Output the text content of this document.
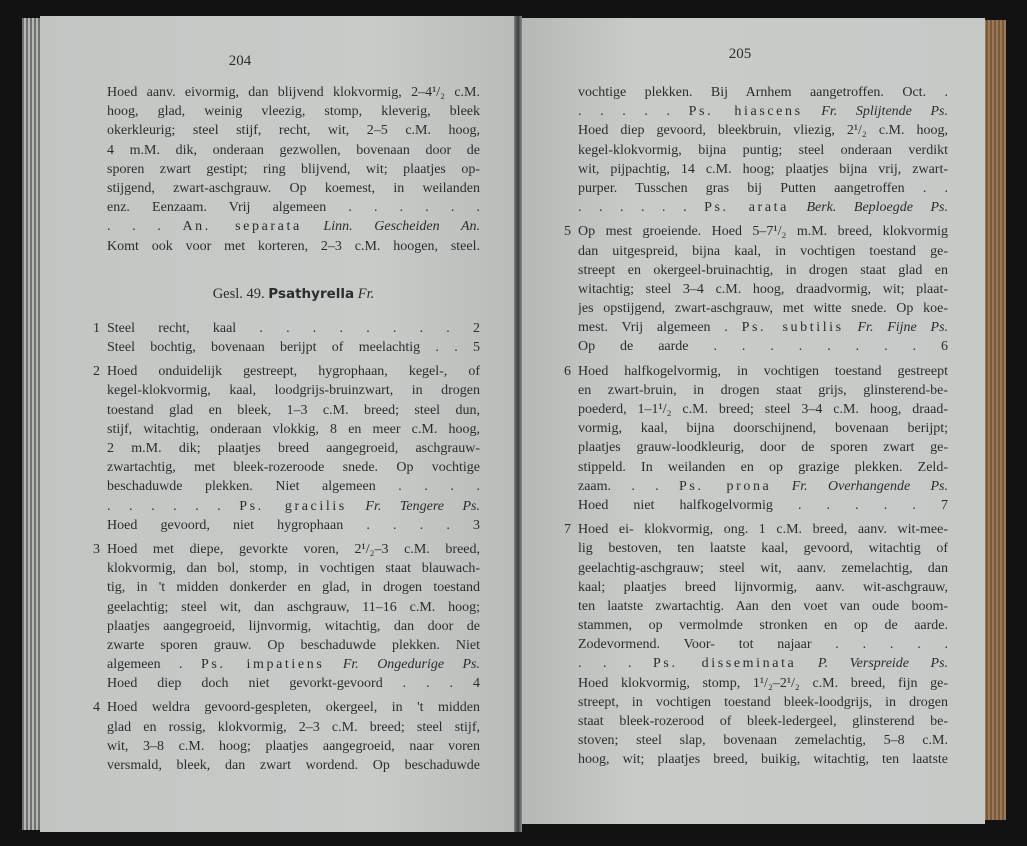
204	205
Hoed aanv. eivormig, dan blijvend klokvormig, 2–4¹/₂ c.M.
hoog, glad, weinig vleezig, stomp, kleverig, bleek
okerkleurig; steel stijf, recht, wit, 2–5 c.M. hoog,
4 m.M. dik, onderaan gezwollen, bovenaan door de
sporen zwart gestipt; ring blijvend, wit; plaatjes op-
stijgend, zwart-aschgrauw. Op koemest, in weilanden
enz. Eenzaam. Vrij algemeen . . . . . .
. . . An. separata Linn. Gescheiden An.
Komt ook voor met korteren, 2–3 c.M. hoogen, steel.
Gesl. 49. Psathyrella Fr.
1 Steel recht, kaal . . . . . . . . 2
Steel bochtig, bovenaan berijpt of meelachtig . . 5
2 Hoed onduidelijk gestreept, hygrophaan, kegel-, of
kegel-klokvormig, kaal, loodgrijs-bruinzwart, in drogen
toestand glad en bleek, 1–3 c.M. breed; steel dun,
stijf, witachtig, onderaan vlokkig, 8 en meer c.M. hoog,
2 m.M. dik; plaatjes breed aangegroeid, aschgrauw-
zwartachtig, met bleek-rozeroode snede. Op vochtige
beschaduwde plekken. Niet algemeen . . . .
. . . . . . Ps. gracilis Fr. Tengere Ps.
Hoed gevoord, niet hygrophaan . . . . 3
3 Hoed met diepe, gevorkte voren, 2¹/₂–3 c.M. breed,
klokvormig, dan bol, stomp, in vochtigen staat blauwach-
tig, in 't midden donkerder en glad, in drogen toestand
geelachtig; steel wit, dan aschgrauw, 11–16 c.M. hoog;
plaatjes aangegroeid, lijnvormig, witachtig, dan door de
zwarte sporen grauw. Op beschaduwde plekken. Niet
algemeen . Ps. impatiens Fr. Ongedurige Ps.
Hoed diep doch niet gevorkt-gevoord . . . 4
4 Hoed weldra gevoord-gespleten, okergeel, in 't midden
glad en rossig, klokvormig, 2–3 c.M. breed; steel stijf,
wit, 3–8 c.M. hoog; plaatjes aangegroeid, naar voren
versmald, bleek, dan zwart wordend. Op beschaduwde
vochtige plekken. Bij Arnhem aangetroffen. Oct. .
. . . . . Ps. hiascens Fr. Splijtende Ps.
Hoed diep gevoord, bleekbruin, vliezig, 2¹/₂ c.M. hoog,
kegel-klokvormig, bijna puntig; steel onderaan verdikt
wit, pijpachtig, 14 c.M. hoog; plaatjes bijna vrij, zwart-
purper. Tusschen gras bij Putten aangetroffen . .
. . . . . . Ps. arata Berk. Beploegde Ps.
5 Op mest groeiende. Hoed 5–7¹/₂ m.M. breed, klokvormig
dan uitgespreid, bijna kaal, in vochtigen toestand ge-
streept en okergeel-bruinachtig, in drogen staat glad en
witachtig; steel 3–4 c.M. hoog, draadvormig, wit; plaat-
jes opstijgend, zwart-aschgrauw, met witte snede. Op koe-
mest. Vrij algemeen . Ps. subtilis Fr. Fijne Ps.
Op de aarde . . . . . . . . 6
6 Hoed halfkogelvormig, in vochtigen toestand gestreept
en zwart-bruin, in drogen staat grijs, glinsterend-be-
poederd, 1–1¹/₂ c.M. breed; steel 3–4 c.M. hoog, draad-
vormig, kaal, bijna doorschijnend, bovenaan berijpt;
plaatjes grauw-loodkleurig, door de sporen zwart ge-
stippeld. In weilanden en op grazige plekken. Zeld-
zaam. . . Ps. prona Fr. Overhangende Ps.
Hoed niet halfkogelvormig . . . . . 7
7 Hoed ei- klokvormig, ong. 1 c.M. breed, aanv. wit-mee-
lig bestoven, ten laatste kaal, gevoord, witachtig of
geelachtig-aschgrauw; steel wit, aanv. zemelachtig, dan
kaal; plaatjes breed lijnvormig, aanv. wit-aschgrauw,
ten laatste zwartachtig. Aan den voet van oude boom-
stammen, op vermolmde stronken en op de aarde.
Zodevormend. Voor- tot najaar . . . . .
. . . Ps. disseminata P. Verspreide Ps.
Hoed klokvormig, stomp, 1¹/₂–2¹/₂ c.M. breed, fijn ge-
streept, in vochtigen toestand bleek-loodgrijs, in drogen
staat bleek-rozerood of bleek-ledergeel, glinsterend be-
stoven; steel slap, bovenaan zemelachtig, 5–8 c.M.
hoog, wit; plaatjes breed, buikig, witachtig, ten laatste
